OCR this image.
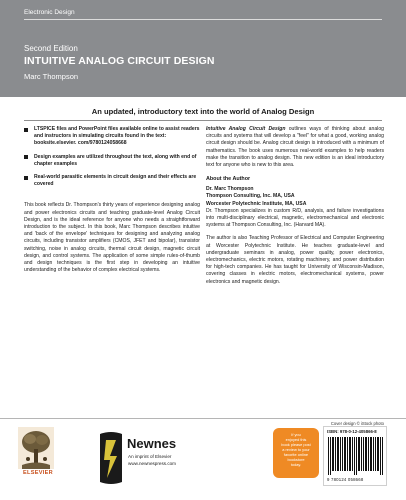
Electronic Design
Second Edition
INTUITIVE ANALOG CIRCUIT DESIGN
Marc Thompson
An updated, introductory text into the world of Analog Design
LTSPICE files and PowerPoint files available online to assist readers and instructors in simulating circuits found in the text: booksite.elsevier. com/9780124058668
Design examples are utilized throughout the text, along with end of chapter examples
Real-world parasitic elements in circuit design and their effects are covered

This book reflects Dr. Thompson's thirty years of experience designing analog and power electronics circuits and teaching graduate-level Analog Circuit Design, and is the ideal reference for anyone who needs a straightforward introduction to the subject. In this book, Marc Thompson describes intuitive and 'back of the envelope' techniques for designing and analyzing analog circuits, including transistor amplifiers (CMOS, JFET and bipolar), transistor switching, noise in analog circuits, thermal circuit design, magnetic circuit design, and control systems. The application of some simple rules-of-thumb and design techniques is the first step in developing an intuitive understanding of the behavior of complex electrical systems.

Intuitive Analog Circuit Design outlines ways of thinking about analog circuits and systems that will develop a "feel" for what a good, working analog circuit design should be. Analog circuit design is introduced with a minimum of mathematics. The book uses numerous real-world examples to help readers make the transition to analog design. This new edition is an ideal introductory text for anyone who is new to this area.

About the Author
Dr. Marc Thompson
Thompson Consulting, Inc. MA, USA
Worcester Polytechnic Institute, MA, USA

Dr. Thompson specializes in custom R/D, analysis, and failure investigations into multi-disciplinary electrical, magnetic, electromechanical and electronic systems at Thompson Consulting, Inc. (Harvard MA).

The author is also Teaching Professor of Electrical and Computer Engineering at Worcester Polytechnic Institute. He teaches graduate-level and undergraduate seminars in analog, power quality, power electronics, electromechanics, electric motors, rotating machinery, and power distribution for high-tech companies. He has taught for University of Wisconsin-Madison, covering classes in electric motors, electromechanical systems, power electronics and magnetic design.

Cover design © iStock photo
ELSEVIER
Newnes
An imprint of Elsevier
www.newnespress.com
If you
enjoyed this
book please post
a review to your
favorite online
bookstore
today.
ISBN: 978-0-12-405866-8
9 780124 058668
